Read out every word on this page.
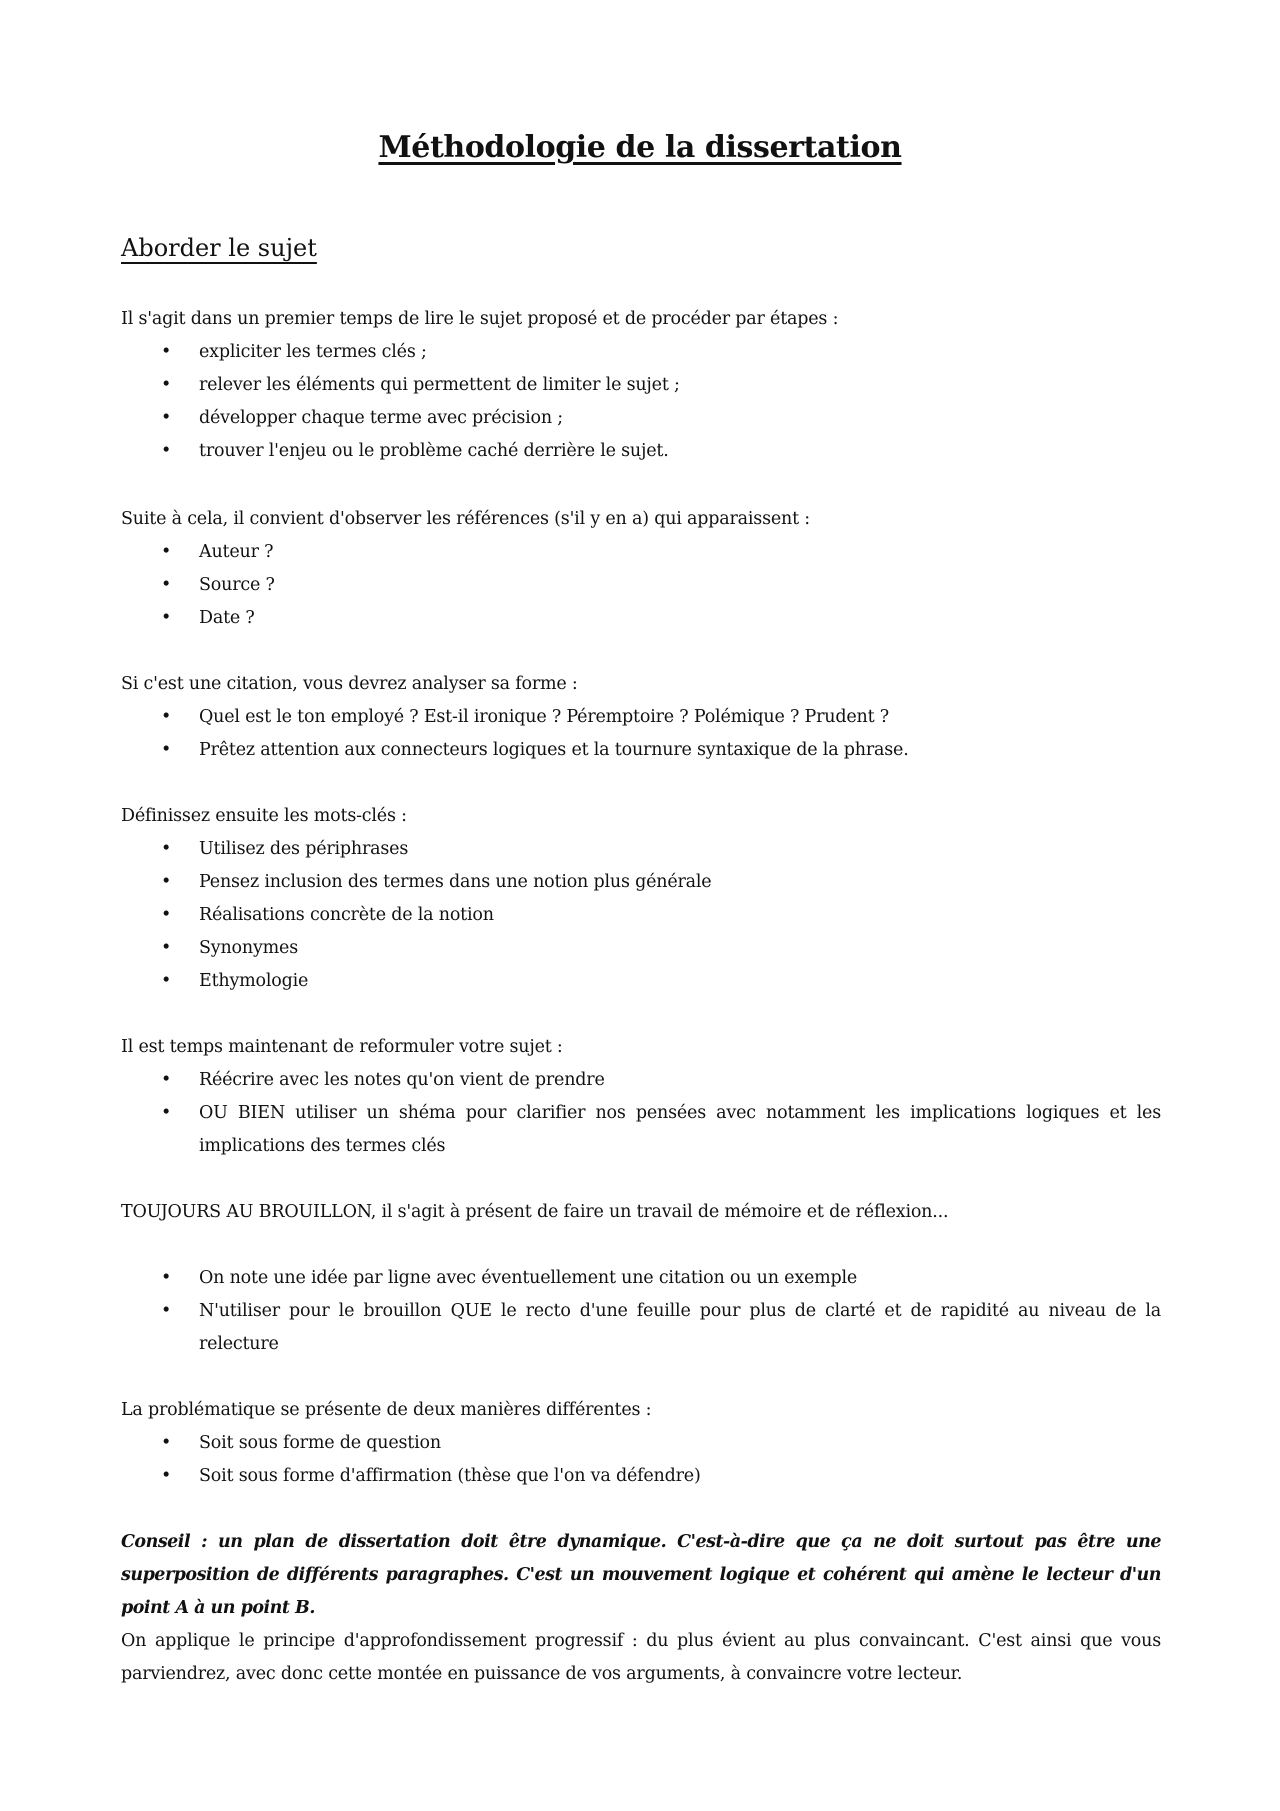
Méthodologie de la dissertation
Aborder le sujet

Il s'agit dans un premier temps de lire le sujet proposé et de procéder par étapes :

• expliciter les termes clés ;
• relever les éléments qui permettent de limiter le sujet ;
• développer chaque terme avec précision ;
• trouver l'enjeu ou le problème caché derrière le sujet.

Suite à cela, il convient d'observer les références (s'il y en a) qui apparaissent :

• Auteur ?
• Source ?
• Date ?

Si c'est une citation, vous devrez analyser sa forme :

• Quel est le ton employé ? Est-il ironique ? Péremptoire ? Polémique ? Prudent ?
• Prêtez attention aux connecteurs logiques et la tournure syntaxique de la phrase.

Définissez ensuite les mots-clés :

• Utilisez des périphrases
• Pensez inclusion des termes dans une notion plus générale
• Réalisations concrète de la notion
• Synonymes
• Ethymologie

Il est temps maintenant de reformuler votre sujet :

• Réécrire avec les notes qu'on vient de prendre
• OU BIEN utiliser un shéma pour clarifier nos pensées avec notamment les implications logiques et les implications des termes clés

TOUJOURS AU BROUILLON, il s'agit à présent de faire un travail de mémoire et de réflexion...

• On note une idée par ligne avec éventuellement une citation ou un exemple
• N'utiliser pour le brouillon QUE le recto d'une feuille pour plus de clarté et de rapidité au niveau de la relecture

La problématique se présente de deux manières différentes :

• Soit sous forme de question
• Soit sous forme d'affirmation (thèse que l'on va défendre)
Conseil : un plan de dissertation doit être dynamique. C'est-à-dire que ça ne doit surtout pas être une superposition de différents paragraphes. C'est un mouvement logique et cohérent qui amène le lecteur d'un point A à un point B.
On applique le principe d'approfondissement progressif : du plus évient au plus convaincant. C'est ainsi que vous parviendrez, avec donc cette montée en puissance de vos arguments, à convaincre votre lecteur.
